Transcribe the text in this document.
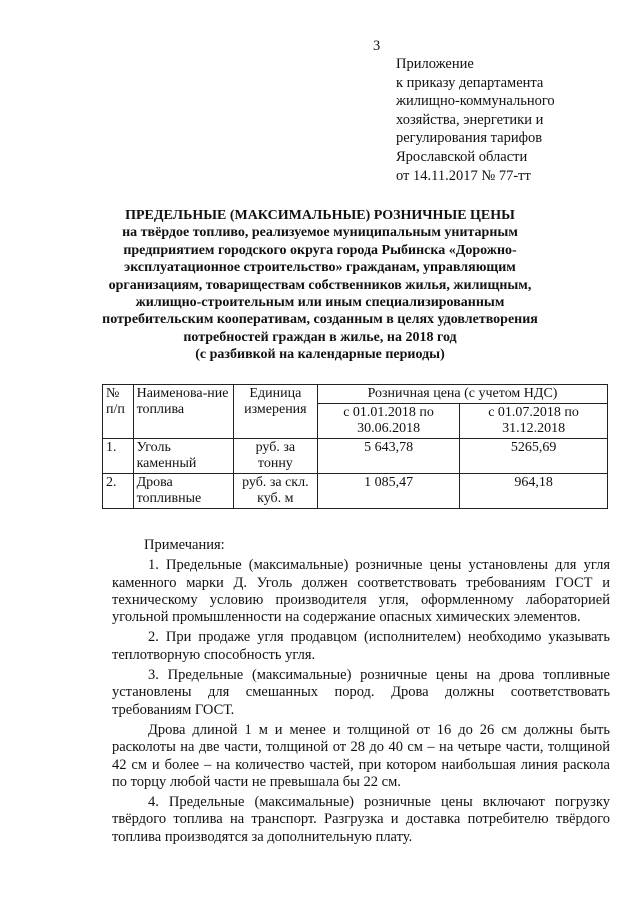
3
Приложение
к приказу департамента
жилищно-коммунального
хозяйства, энергетики и
регулирования тарифов
Ярославской области
от 14.11.2017 № 77-тт
ПРЕДЕЛЬНЫЕ (МАКСИМАЛЬНЫЕ) РОЗНИЧНЫЕ ЦЕНЫ
на твёрдое топливо, реализуемое муниципальным унитарным
предприятием городского округа города Рыбинска «Дорожно-
эксплуатационное строительство» гражданам, управляющим
организациям, товариществам собственников жилья, жилищным,
жилищно-строительным или иным специализированным
потребительским кооперативам, созданным в целях удовлетворения
потребностей граждан в жилье, на 2018 год
(с разбивкой на календарные периоды)
№ п/п	Наименова-ние топлива	Единица измерения	Розничная цена (с учетом НДС)	
			с 01.01.2018 по 30.06.2018	с 01.07.2018 по 31.12.2018
1.	Уголь каменный	руб. за тонну	5 643,78	5265,69
2.	Дрова топливные	руб. за скл. куб. м	1 085,47	964,18

Примечания:

1. Предельные (максимальные) розничные цены установлены для угля каменного марки Д. Уголь должен соответствовать требованиям ГОСТ и техническому условию производителя угля, оформленному лабораторией угольной промышленности на содержание опасных химических элементов.

2. При продаже угля продавцом (исполнителем) необходимо указывать теплотворную способность угля.

3. Предельные (максимальные) розничные цены на дрова топливные установлены для смешанных пород. Дрова должны соответствовать требованиям ГОСТ.

Дрова длиной 1 м и менее и толщиной от 16 до 26 см должны быть расколоты на две части, толщиной от 28 до 40 см – на четыре части, толщиной 42 см и более – на количество частей, при котором наибольшая линия раскола по торцу любой части не превышала бы 22 см.

4. Предельные (максимальные) розничные цены включают погрузку твёрдого топлива на транспорт. Разгрузка и доставка потребителю твёрдого топлива производятся за дополнительную плату.
